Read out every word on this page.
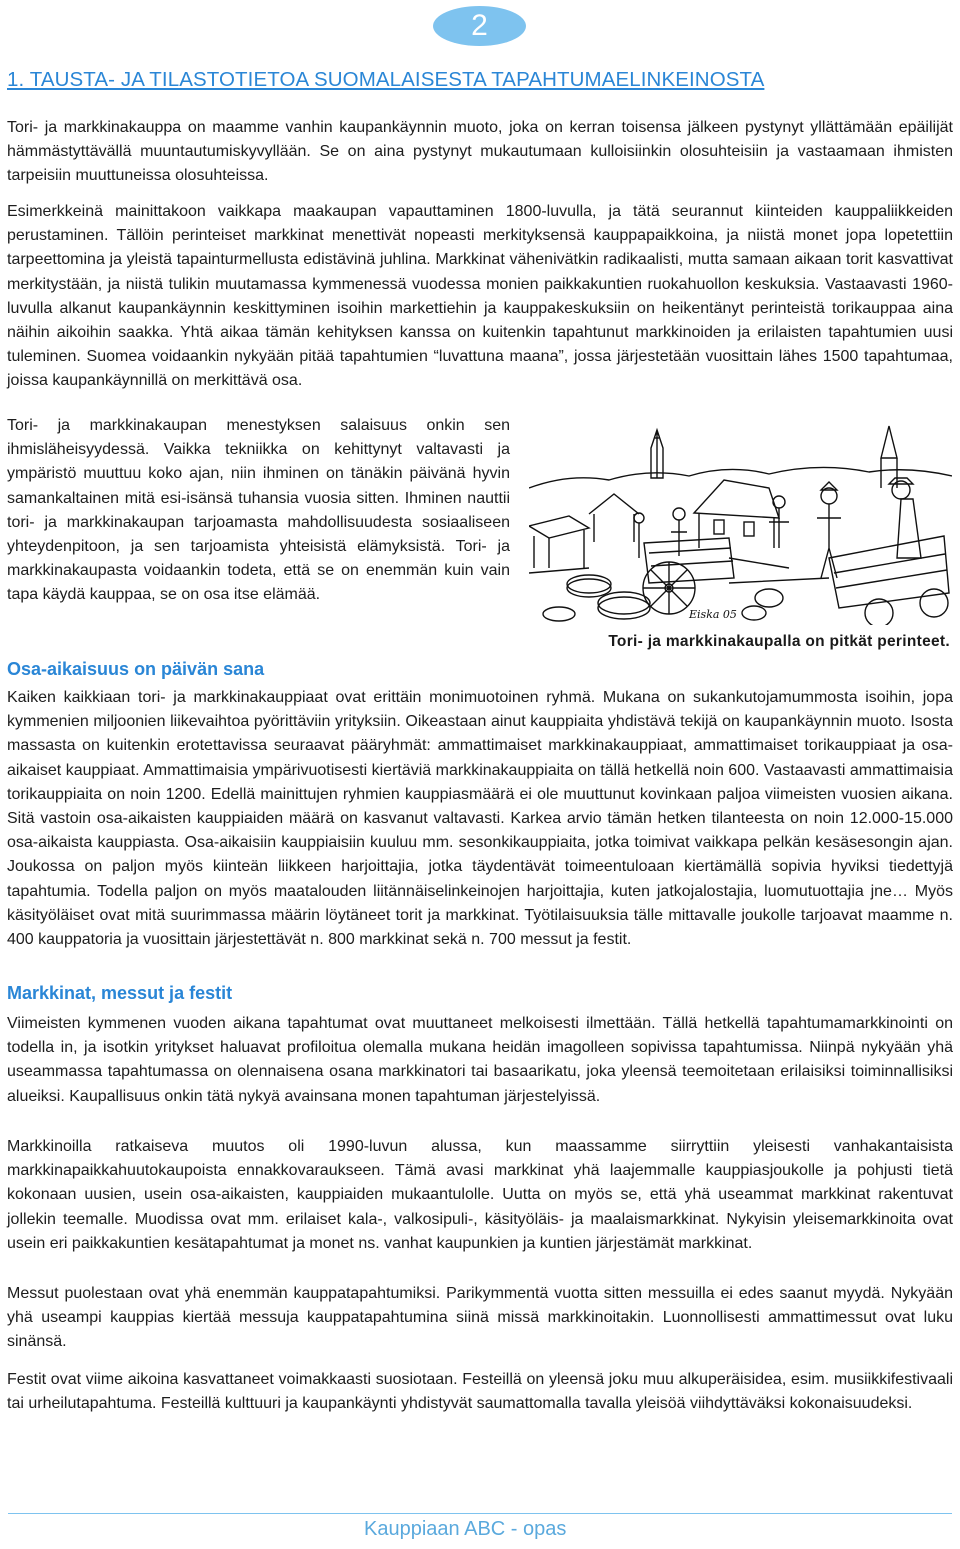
2
1. TAUSTA- JA TILASTOTIETOA SUOMALAISESTA TAPAHTUMAELINKEINOSTA

Tori- ja markkinakauppa on maamme vanhin kaupankäynnin muoto, joka on kerran toisensa jälkeen pystynyt yllättämään epäilijät hämmästyttävällä muuntautumiskyvyllään. Se on aina pystynyt mukautumaan kulloisiinkin olosuhteisiin ja vastaamaan ihmisten tarpeisiin muuttuneissa olosuhteissa.

Esimerkkeinä mainittakoon vaikkapa maakaupan vapauttaminen 1800-luvulla, ja tätä seurannut kiinteiden kauppaliikkeiden perustaminen. Tällöin perinteiset markkinat menettivät nopeasti merkityksensä kauppapaikkoina, ja niistä monet jopa lopetettiin tarpeettomina ja yleistä tapainturmellusta edistävinä juhlina. Markkinat vähenivätkin radikaalisti, mutta samaan aikaan torit kasvattivat merkitystään, ja niistä tulikin muutamassa kymmenessä vuodessa monien paikkakuntien ruokahuollon keskuksia. Vastaavasti 1960-luvulla alkanut kaupankäynnin keskittyminen isoihin markettiehin ja kauppakeskuksiin on heikentänyt perinteistä torikauppaa aina näihin aikoihin saakka. Yhtä aikaa tämän kehityksen kanssa on kuitenkin tapahtunut markkinoiden ja erilaisten tapahtumien uusi tuleminen. Suomea voidaankin nykyään pitää tapahtumien “luvattuna maana”, jossa järjestetään vuosittain lähes 1500 tapahtumaa, joissa kaupankäynnillä on merkittävä osa.

Tori- ja markkinakaupan menestyksen salaisuus onkin sen ihmisläheisyydessä. Vaikka tekniikka on kehittynyt valtavasti ja ympäristö muuttuu koko ajan, niin ihminen on tänäkin päivänä hyvin samankaltainen mitä esi-isänsä tuhansia vuosia sitten. Ihminen nauttii tori- ja markkinakaupan tarjoamasta mahdollisuudesta sosiaaliseen yhteydenpitoon, ja sen tarjoamista yhteisistä elämyksistä. Tori- ja markkinakaupasta voidaankin todeta, että se on enemmän kuin vain tapa käydä kauppaa, se on osa itse elämää.

Eiska 05

Tori- ja markkinakaupalla on pitkät perinteet.

Osa-aikaisuus on päivän sana

Kaiken kaikkiaan tori- ja markkinakauppiaat ovat erittäin monimuotoinen ryhmä. Mukana on sukankutojamummosta isoihin, jopa kymmenien miljoonien liikevaihtoa pyörittäviin yrityksiin. Oikeastaan ainut kauppiaita yhdistävä tekijä on kaupankäynnin muoto. Isosta massasta on kuitenkin erotettavissa seuraavat pääryhmät: ammattimaiset markkinakauppiaat, ammattimaiset torikauppiaat ja osa-aikaiset kauppiaat. Ammattimaisia ympärivuotisesti kiertäviä markkinakauppiaita on tällä hetkellä noin 600. Vastaavasti ammattimaisia torikauppiaita on noin 1200. Edellä mainittujen ryhmien kauppiasmäärä ei ole muuttunut kovinkaan paljoa viimeisten vuosien aikana. Sitä vastoin osa-aikaisten kauppiaiden määrä on kasvanut valtavasti. Karkea arvio tämän hetken tilanteesta on noin 12.000-15.000 osa-aikaista kauppiasta. Osa-aikaisiin kauppiaisiin kuuluu mm. sesonkikauppiaita, jotka toimivat vaikkapa pelkän kesäsesongin ajan. Joukossa on paljon myös kiinteän liikkeen harjoittajia, jotka täydentävät toimeentuloaan kiertämällä sopivia hyviksi tiedettyjä tapahtumia. Todella paljon on myös maatalouden liitännäiselinkeinojen harjoittajia, kuten jatkojalostajia, luomutuottajia jne… Myös käsityöläiset ovat mitä suurimmassa määrin löytäneet torit ja markkinat. Työtilaisuuksia tälle mittavalle joukolle tarjoavat maamme n. 400 kauppatoria ja vuosittain järjestettävät n. 800 markkinat sekä n. 700 messut ja festit.

Markkinat, messut ja festit

Viimeisten kymmenen vuoden aikana tapahtumat ovat muuttaneet melkoisesti ilmettään. Tällä hetkellä tapahtumamarkkinointi on todella in, ja isotkin yritykset haluavat profiloitua olemalla mukana heidän imagolleen sopivissa tapahtumissa. Niinpä nykyään yhä useammassa tapahtumassa on olennaisena osana markkinatori tai basaarikatu, joka yleensä teemoitetaan erilaisiksi toiminnallisiksi alueiksi. Kaupallisuus onkin tätä nykyä avainsana monen tapahtuman järjestelyissä.

Markkinoilla ratkaiseva muutos oli 1990-luvun alussa, kun maassamme siirryttiin yleisesti vanhakantaisista markkinapaikkahuutokaupoista ennakkovaraukseen. Tämä avasi markkinat yhä laajemmalle kauppiasjoukolle ja pohjusti tietä kokonaan uusien, usein osa-aikaisten, kauppiaiden mukaantulolle. Uutta on myös se, että yhä useammat markkinat rakentuvat jollekin teemalle. Muodissa ovat mm. erilaiset kala-, valkosipuli-, käsityöläis- ja maalaismarkkinat. Nykyisin yleisemarkkinoita ovat usein eri paikkakuntien kesätapahtumat ja monet ns. vanhat kaupunkien ja kuntien järjestämät markkinat.

Messut puolestaan ovat yhä enemmän kauppatapahtumiksi. Parikymmentä vuotta sitten messuilla ei edes saanut myydä. Nykyään yhä useampi kauppias kiertää messuja kauppatapahtumina siinä missä markkinoitakin. Luonnollisesti ammattimessut ovat luku sinänsä.

Festit ovat viime aikoina kasvattaneet voimakkaasti suosiotaan. Festeillä on yleensä joku muu alkuperäisidea, esim. musiikkifestivaali tai urheilutapahtuma. Festeillä kulttuuri ja kaupankäynti yhdistyvät saumattomalla tavalla yleisöä viihdyttäväksi kokonaisuudeksi.

Kauppiaan ABC - opas
